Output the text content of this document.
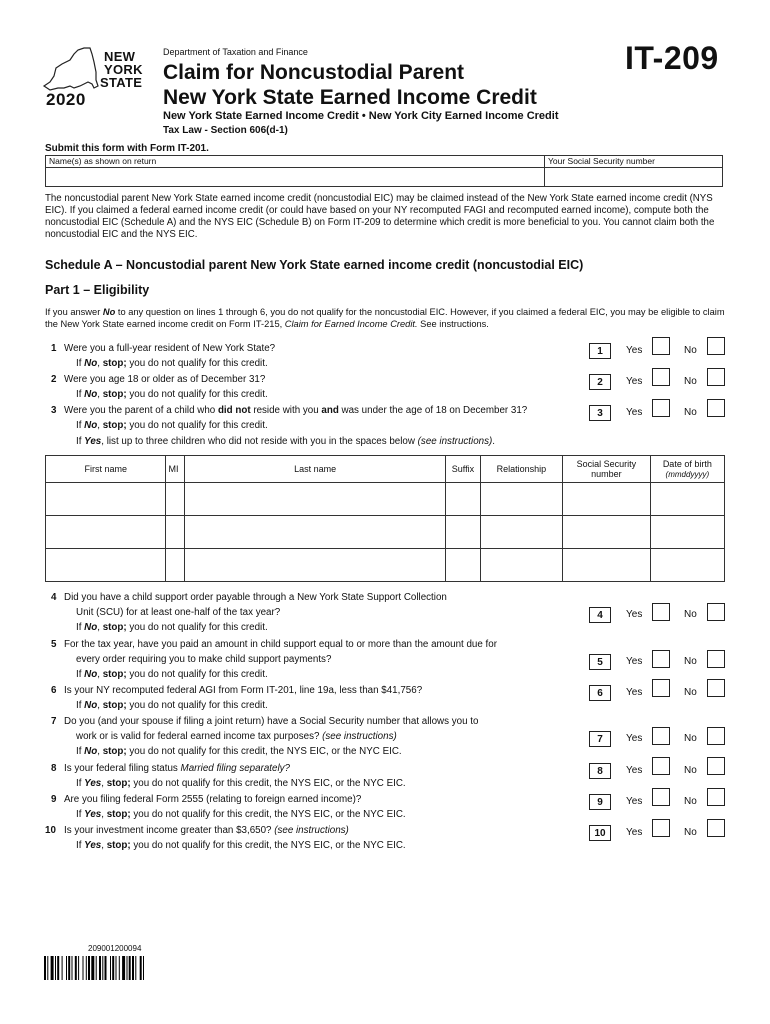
NEW
YORK
STATE
2020
Department of Taxation and Finance
Claim for Noncustodial Parent
New York State Earned Income Credit
IT-209
New York State Earned Income Credit • New York City Earned Income Credit
Tax Law - Section 606(d-1)
Submit this form with Form IT-201.
Name(s) as shown on return	Your Social Security number
The noncustodial parent New York State earned income credit (noncustodial EIC) may be claimed instead of the New York State earned income credit (NYS EIC). If you claimed a federal earned income credit (or could have based on your NY recomputed FAGI and recomputed earned income), compute both the noncustodial EIC (Schedule A) and the NYS EIC (Schedule B) on Form IT-209 to determine which credit is more beneficial to you. You cannot claim both the noncustodial EIC and the NYS EIC.
Schedule A – Noncustodial parent New York State earned income credit (noncustodial EIC)
Part 1 – Eligibility
If you answer No to any question on lines 1 through 6, you do not qualify for the noncustodial EIC. However, if you claimed a federal EIC, you may be eligible to claim the New York State earned income credit on Form IT-215, Claim for Earned Income Credit. See instructions.
1 Were you a full-year resident of New York State?	1	Yes	No
If No, stop; you do not qualify for this credit.
2 Were you age 18 or older as of December 31?	2	Yes	No
If No, stop; you do not qualify for this credit.
3 Were you the parent of a child who did not reside with you and was under the age of 18 on December 31?	3	Yes	No
If No, stop; you do not qualify for this credit.
If Yes, list up to three children who did not reside with you in the spaces below (see instructions).
4 Did you have a child support order payable through a New York State Support Collection
Unit (SCU) for at least one-half of the tax year?	4	Yes	No
If No, stop; you do not qualify for this credit.
5 For the tax year, have you paid an amount in child support equal to or more than the amount due for
every order requiring you to make child support payments?	5	Yes	No
If No, stop; you do not qualify for this credit.
6 Is your NY recomputed federal AGI from Form IT-201, line 19a, less than $41,756?	6	Yes	No
If No, stop; you do not qualify for this credit.
7 Do you (and your spouse if filing a joint return) have a Social Security number that allows you to
work or is valid for federal earned income tax purposes? (see instructions)	7	Yes	No
If No, stop; you do not qualify for this credit, the NYS EIC, or the NYC EIC.
8 Is your federal filing status Married filing separately?	8	Yes	No
If Yes, stop; you do not qualify for this credit, the NYS EIC, or the NYC EIC.
9 Are you filing federal Form 2555 (relating to foreign earned income)?	9	Yes	No
If Yes, stop; you do not qualify for this credit, the NYS EIC, or the NYC EIC.
10 Is your investment income greater than $3,650? (see instructions)	10	Yes	No
If Yes, stop; you do not qualify for this credit, the NYS EIC, or the NYC EIC.
First name	MI	Last name	Suffix	Relationship	Social Security number	Date of birth
(mmddyyyy)

209001200094
